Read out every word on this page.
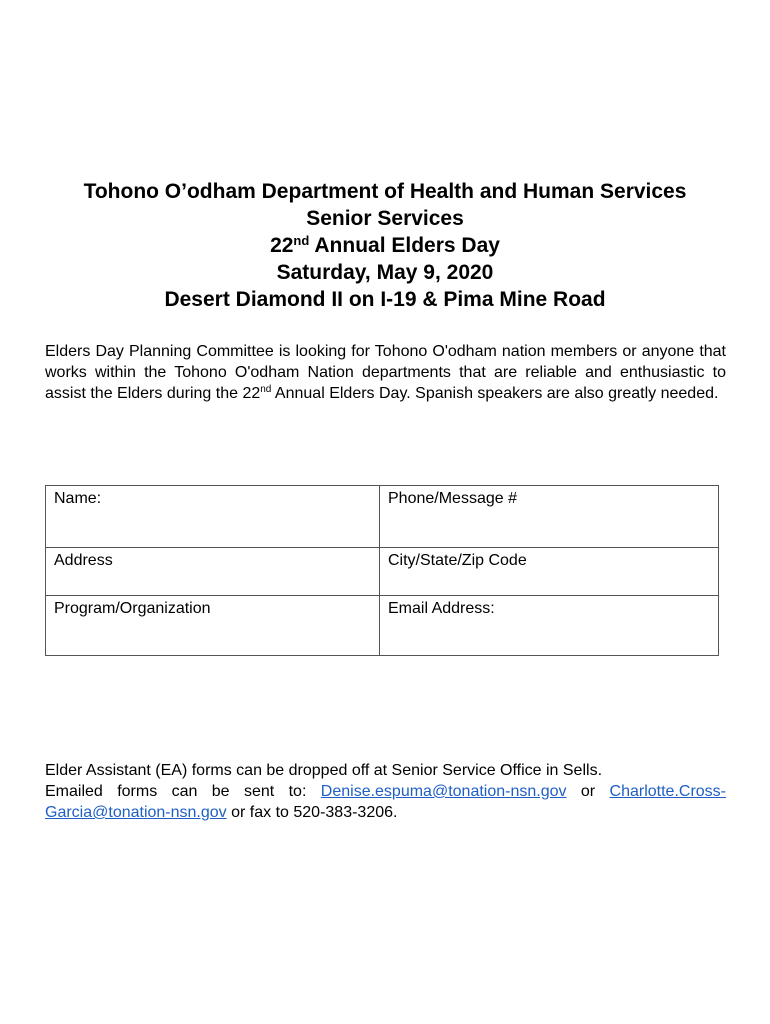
Tohono O’odham Department of Health and Human Services
Senior Services
22nd Annual Elders Day
Saturday, May 9, 2020
Desert Diamond II on I-19 & Pima Mine Road
Elders Day Planning Committee is looking for Tohono O'odham nation members or anyone that works within the Tohono O'odham Nation departments that are reliable and enthusiastic to assist the Elders during the 22nd Annual Elders Day. Spanish speakers are also greatly needed.
Name:	Phone/Message #
Address	City/State/Zip Code
Program/Organization	Email Address:
Elder Assistant (EA) forms can be dropped off at Senior Service Office in Sells.
Emailed forms can be sent to: Denise.espuma@tonation-nsn.gov or Charlotte.Cross-Garcia@tonation-nsn.gov or fax to 520-383-3206.
